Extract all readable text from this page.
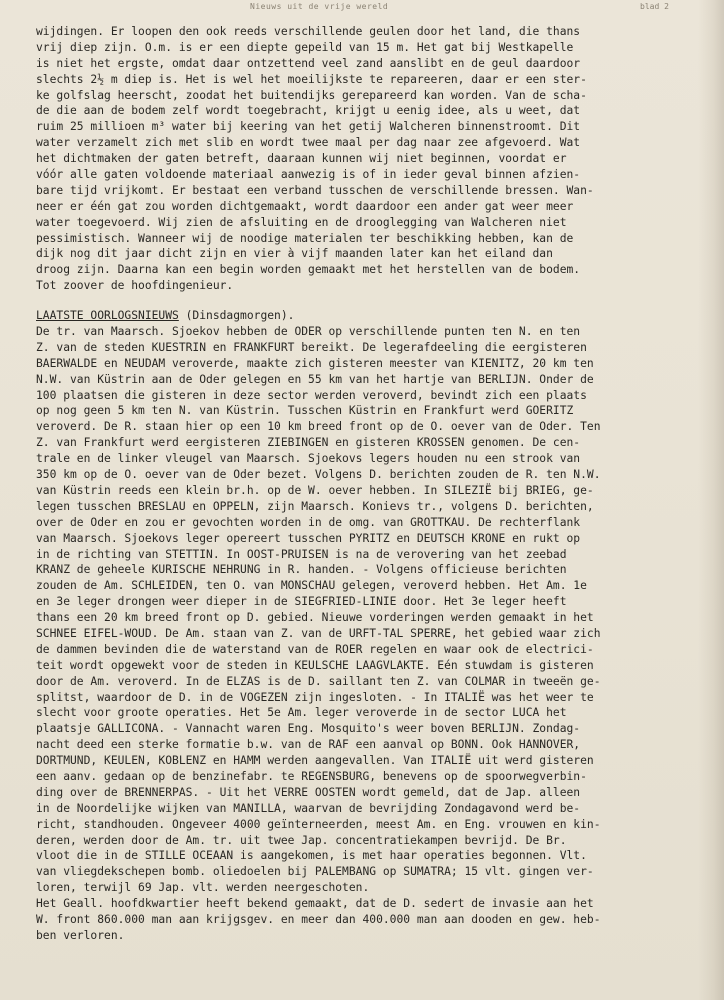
Nieuws uit de vrije wereld	blad 2
wijdingen. Er loopen den ook reeds verschillende geulen door het land, die thans
vrij diep zijn. O.m. is er een diepte gepeild van 15 m. Het gat bij Westkapelle
is niet het ergste, omdat daar ontzettend veel zand aanslibt en de geul daardoor
slechts 2½ m diep is. Het is wel het moeilijkste te repareeren, daar er een ster-
ke golfslag heerscht, zoodat het buitendijks gerepareerd kan worden. Van de scha-
de die aan de bodem zelf wordt toegebracht, krijgt u eenig idee, als u weet, dat
ruim 25 millioen m³ water bij keering van het getij Walcheren binnenstroomt. Dit
water verzamelt zich met slib en wordt twee maal per dag naar zee afgevoerd. Wat
het dichtmaken der gaten betreft, daaraan kunnen wij niet beginnen, voordat er
vóór alle gaten voldoende materiaal aanwezig is of in ieder geval binnen afzien-
bare tijd vrijkomt. Er bestaat een verband tusschen de verschillende bressen. Wan-
neer er één gat zou worden dichtgemaakt, wordt daardoor een ander gat weer meer
water toegevoerd. Wij zien de afsluiting en de drooglegging van Walcheren niet
pessimistisch. Wanneer wij de noodige materialen ter beschikking hebben, kan de
dijk nog dit jaar dicht zijn en vier à vijf maanden later kan het eiland dan
droog zijn. Daarna kan een begin worden gemaakt met het herstellen van de bodem.
Tot zoover de hoofdingenieur.
LAATSTE OORLOGSNIEUWS (Dinsdagmorgen).
De tr. van Maarsch. Sjoekov hebben de ODER op verschillende punten ten N. en ten
Z. van de steden KUESTRIN en FRANKFURT bereikt. De legerafdeeling die eergisteren
BAERWALDE en NEUDAM veroverde, maakte zich gisteren meester van KIENITZ, 20 km ten
N.W. van Küstrin aan de Oder gelegen en 55 km van het hartje van BERLIJN. Onder de
100 plaatsen die gisteren in deze sector werden veroverd, bevindt zich een plaats
op nog geen 5 km ten N. van Küstrin. Tusschen Küstrin en Frankfurt werd GOERITZ
veroverd. De R. staan hier op een 10 km breed front op de O. oever van de Oder. Ten
Z. van Frankfurt werd eergisteren ZIEBINGEN en gisteren KROSSEN genomen. De cen-
trale en de linker vleugel van Maarsch. Sjoekovs legers houden nu een strook van
350 km op de O. oever van de Oder bezet. Volgens D. berichten zouden de R. ten N.W.
van Küstrin reeds een klein br.h. op de W. oever hebben. In SILEZIË bij BRIEG, ge-
legen tusschen BRESLAU en OPPELN, zijn Maarsch. Konievs tr., volgens D. berichten,
over de Oder en zou er gevochten worden in de omg. van GROTTKAU. De rechterflank
van Maarsch. Sjoekovs leger opereert tusschen PYRITZ en DEUTSCH KRONE en rukt op
in de richting van STETTIN. In OOST-PRUISEN is na de verovering van het zeebad
KRANZ de geheele KURISCHE NEHRUNG in R. handen. - Volgens officieuse berichten
zouden de Am. SCHLEIDEN, ten O. van MONSCHAU gelegen, veroverd hebben. Het Am. 1e
en 3e leger drongen weer dieper in de SIEGFRIED-LINIE door. Het 3e leger heeft
thans een 20 km breed front op D. gebied. Nieuwe vorderingen werden gemaakt in het
SCHNEE EIFEL-WOUD. De Am. staan van Z. van de URFT-TAL SPERRE, het gebied waar zich
de dammen bevinden die de waterstand van de ROER regelen en waar ook de electrici-
teit wordt opgewekt voor de steden in KEULSCHE LAAGVLAKTE. Eén stuwdam is gisteren
door de Am. veroverd. In de ELZAS is de D. saillant ten Z. van COLMAR in tweeën ge-
splitst, waardoor de D. in de VOGEZEN zijn ingesloten. - In ITALIË was het weer te
slecht voor groote operaties. Het 5e Am. leger veroverde in de sector LUCA het
plaatsje GALLICONA. - Vannacht waren Eng. Mosquito's weer boven BERLIJN. Zondag-
nacht deed een sterke formatie b.w. van de RAF een aanval op BONN. Ook HANNOVER,
DORTMUND, KEULEN, KOBLENZ en HAMM werden aangevallen. Van ITALIË uit werd gisteren
een aanv. gedaan op de benzinefabr. te REGENSBURG, benevens op de spoorwegverbin-
ding over de BRENNERPAS. - Uit het VERRE OOSTEN wordt gemeld, dat de Jap. alleen
in de Noordelijke wijken van MANILLA, waarvan de bevrijding Zondagavond werd be-
richt, standhouden. Ongeveer 4000 geïnterneerden, meest Am. en Eng. vrouwen en kin-
deren, werden door de Am. tr. uit twee Jap. concentratiekampen bevrijd. De Br.
vloot die in de STILLE OCEAAN is aangekomen, is met haar operaties begonnen. Vlt.
van vliegdekschepen bomb. oliedoelen bij PALEMBANG op SUMATRA; 15 vlt. gingen ver-
loren, terwijl 69 Jap. vlt. werden neergeschoten.
Het Geall. hoofdkwartier heeft bekend gemaakt, dat de D. sedert de invasie aan het
W. front 860.000 man aan krijgsgev. en meer dan 400.000 man aan dooden en gew. heb-
ben verloren.
